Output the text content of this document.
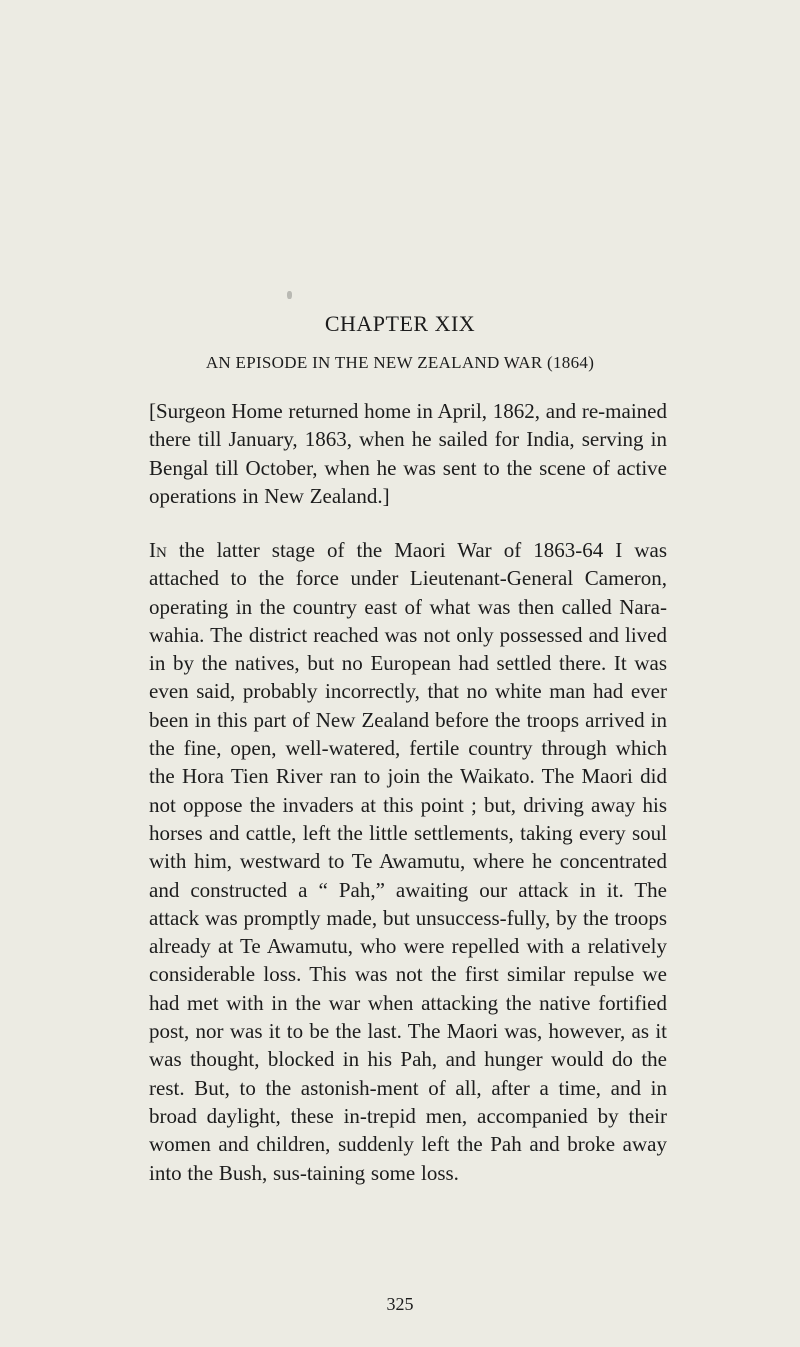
CHAPTER XIX
AN EPISODE IN THE NEW ZEALAND WAR (1864)

[Surgeon Home returned home in April, 1862, and re-mained there till January, 1863, when he sailed for India, serving in Bengal till October, when he was sent to the scene of active operations in New Zealand.]

In the latter stage of the Maori War of 1863-64 I was attached to the force under Lieutenant-General Cameron, operating in the country east of what was then called Nara-wahia. The district reached was not only possessed and lived in by the natives, but no European had settled there. It was even said, probably incorrectly, that no white man had ever been in this part of New Zealand before the troops arrived in the fine, open, well-watered, fertile country through which the Hora Tien River ran to join the Waikato. The Maori did not oppose the invaders at this point ; but, driving away his horses and cattle, left the little settlements, taking every soul with him, westward to Te Awamutu, where he concentrated and constructed a “ Pah,” awaiting our attack in it. The attack was promptly made, but unsuccess-fully, by the troops already at Te Awamutu, who were repelled with a relatively considerable loss. This was not the first similar repulse we had met with in the war when attacking the native fortified post, nor was it to be the last. The Maori was, however, as it was thought, blocked in his Pah, and hunger would do the rest. But, to the astonish-ment of all, after a time, and in broad daylight, these in-trepid men, accompanied by their women and children, suddenly left the Pah and broke away into the Bush, sus-taining some loss.

325
